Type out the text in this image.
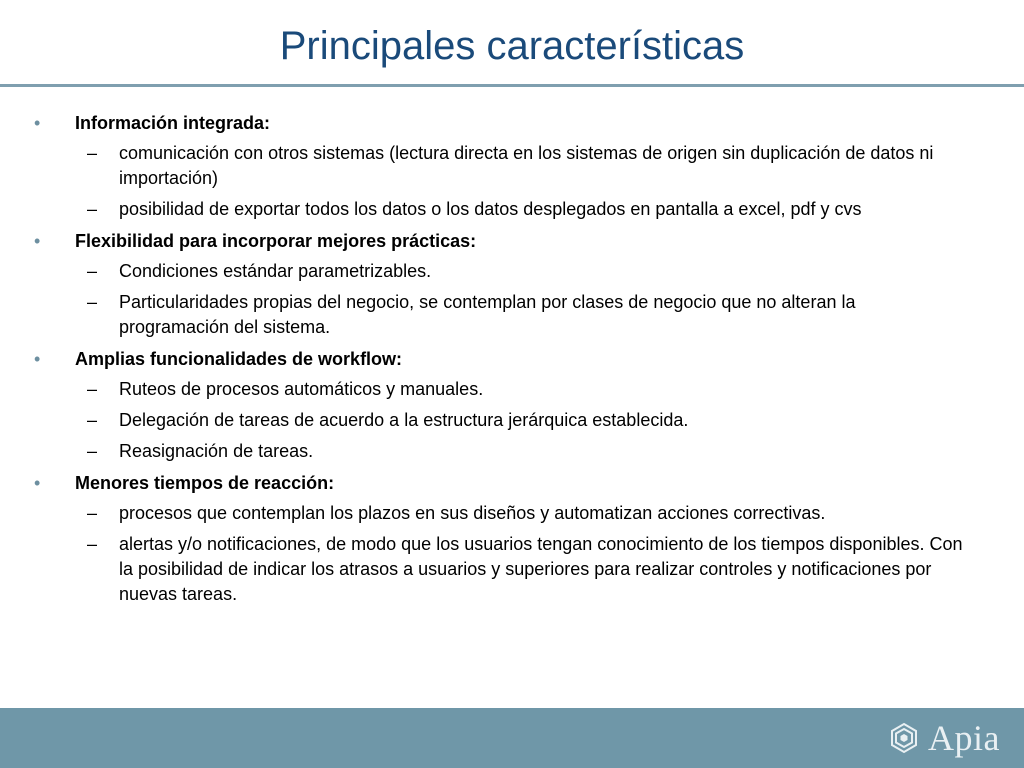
Principales características
• Información integrada:
– comunicación con otros sistemas (lectura directa en los sistemas de origen sin duplicación de datos ni importación)
– posibilidad de exportar todos los datos o los datos desplegados en pantalla a excel, pdf y cvs
• Flexibilidad para incorporar mejores prácticas:
– Condiciones estándar parametrizables.
– Particularidades propias del negocio, se contemplan por clases de negocio que no alteran la programación del sistema.
• Amplias funcionalidades de workflow:
– Ruteos de procesos automáticos y manuales.
– Delegación de tareas de acuerdo a la estructura jerárquica establecida.
– Reasignación de tareas.
• Menores tiempos de reacción:
– procesos que contemplan los plazos en sus diseños y automatizan acciones correctivas.
– alertas y/o notificaciones, de modo que los usuarios tengan conocimiento de los tiempos disponibles. Con la posibilidad de indicar los atrasos a usuarios y superiores para realizar controles y notificaciones por nuevas tareas.
Apia
